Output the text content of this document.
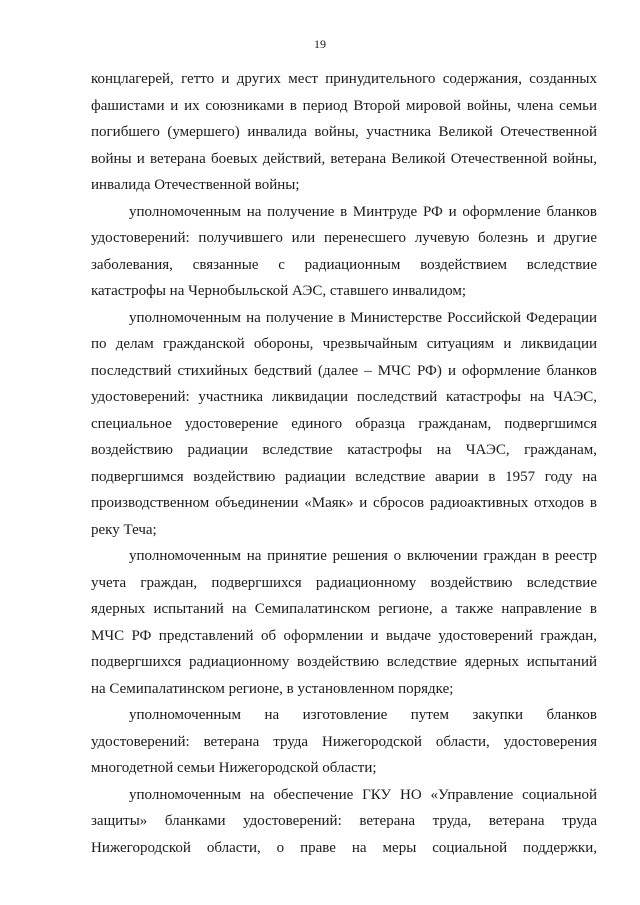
19
концлагерей, гетто и других мест принудительного содержания, созданных
фашистами и их союзниками в период Второй мировой войны, члена семьи
погибшего (умершего) инвалида войны, участника Великой Отечественной
войны и ветерана боевых действий, ветерана Великой Отечественной войны,
инвалида Отечественной войны;
уполномоченным на получение в Минтруде РФ и оформление бланков
удостоверений: получившего или перенесшего лучевую болезнь и другие
заболевания, связанные с радиационным воздействием вследствие
катастрофы на Чернобыльской АЭС, ставшего инвалидом;
уполномоченным на получение в Министерстве Российской Федерации
по делам гражданской обороны, чрезвычайным ситуациям и ликвидации
последствий стихийных бедствий (далее – МЧС РФ) и оформление бланков
удостоверений: участника ликвидации последствий катастрофы на ЧАЭС,
специальное удостоверение единого образца гражданам, подвергшимся
воздействию радиации вследствие катастрофы на ЧАЭС, гражданам,
подвергшимся воздействию радиации вследствие аварии в 1957 году на
производственном объединении «Маяк» и сбросов радиоактивных отходов в
реку Теча;
уполномоченным на принятие решения о включении граждан в реестр
учета граждан, подвергшихся радиационному воздействию вследствие
ядерных испытаний на Семипалатинском регионе, а также направление в
МЧС РФ представлений об оформлении и выдаче удостоверений граждан,
подвергшихся радиационному воздействию вследствие ядерных испытаний
на Семипалатинском регионе, в установленном порядке;
уполномоченным на изготовление путем закупки бланков
удостоверений: ветерана труда Нижегородской области, удостоверения
многодетной семьи Нижегородской области;
уполномоченным на обеспечение ГКУ НО «Управление социальной
защиты» бланками удостоверений: ветерана труда, ветерана труда
Нижегородской области, о праве на меры социальной поддержки,
